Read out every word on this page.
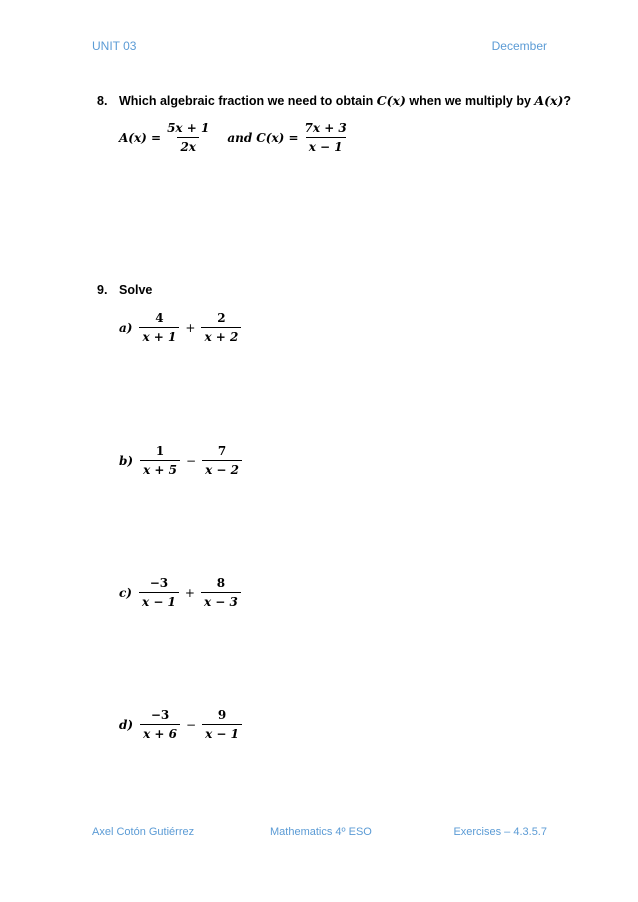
UNIT 03	December
8. Which algebraic fraction we need to obtain C(x) when we multiply by A(x)?
$A(x) = \frac{5x + 1}{2x}$ and $C(x) = \frac{7x + 3}{x - 1}$
9. Solve
$a) \frac{4}{x + 1} + \frac{2}{x + 2}$
$b) \frac{1}{x + 5} - \frac{7}{x - 2}$
$c) \frac{-3}{x - 1} + \frac{8}{x - 3}$
$d) \frac{-3}{x + 6} - \frac{9}{x - 1}$
Axel Cotón Gutiérrez	Mathematics 4º ESO	Exercises – 4.3.5.7
